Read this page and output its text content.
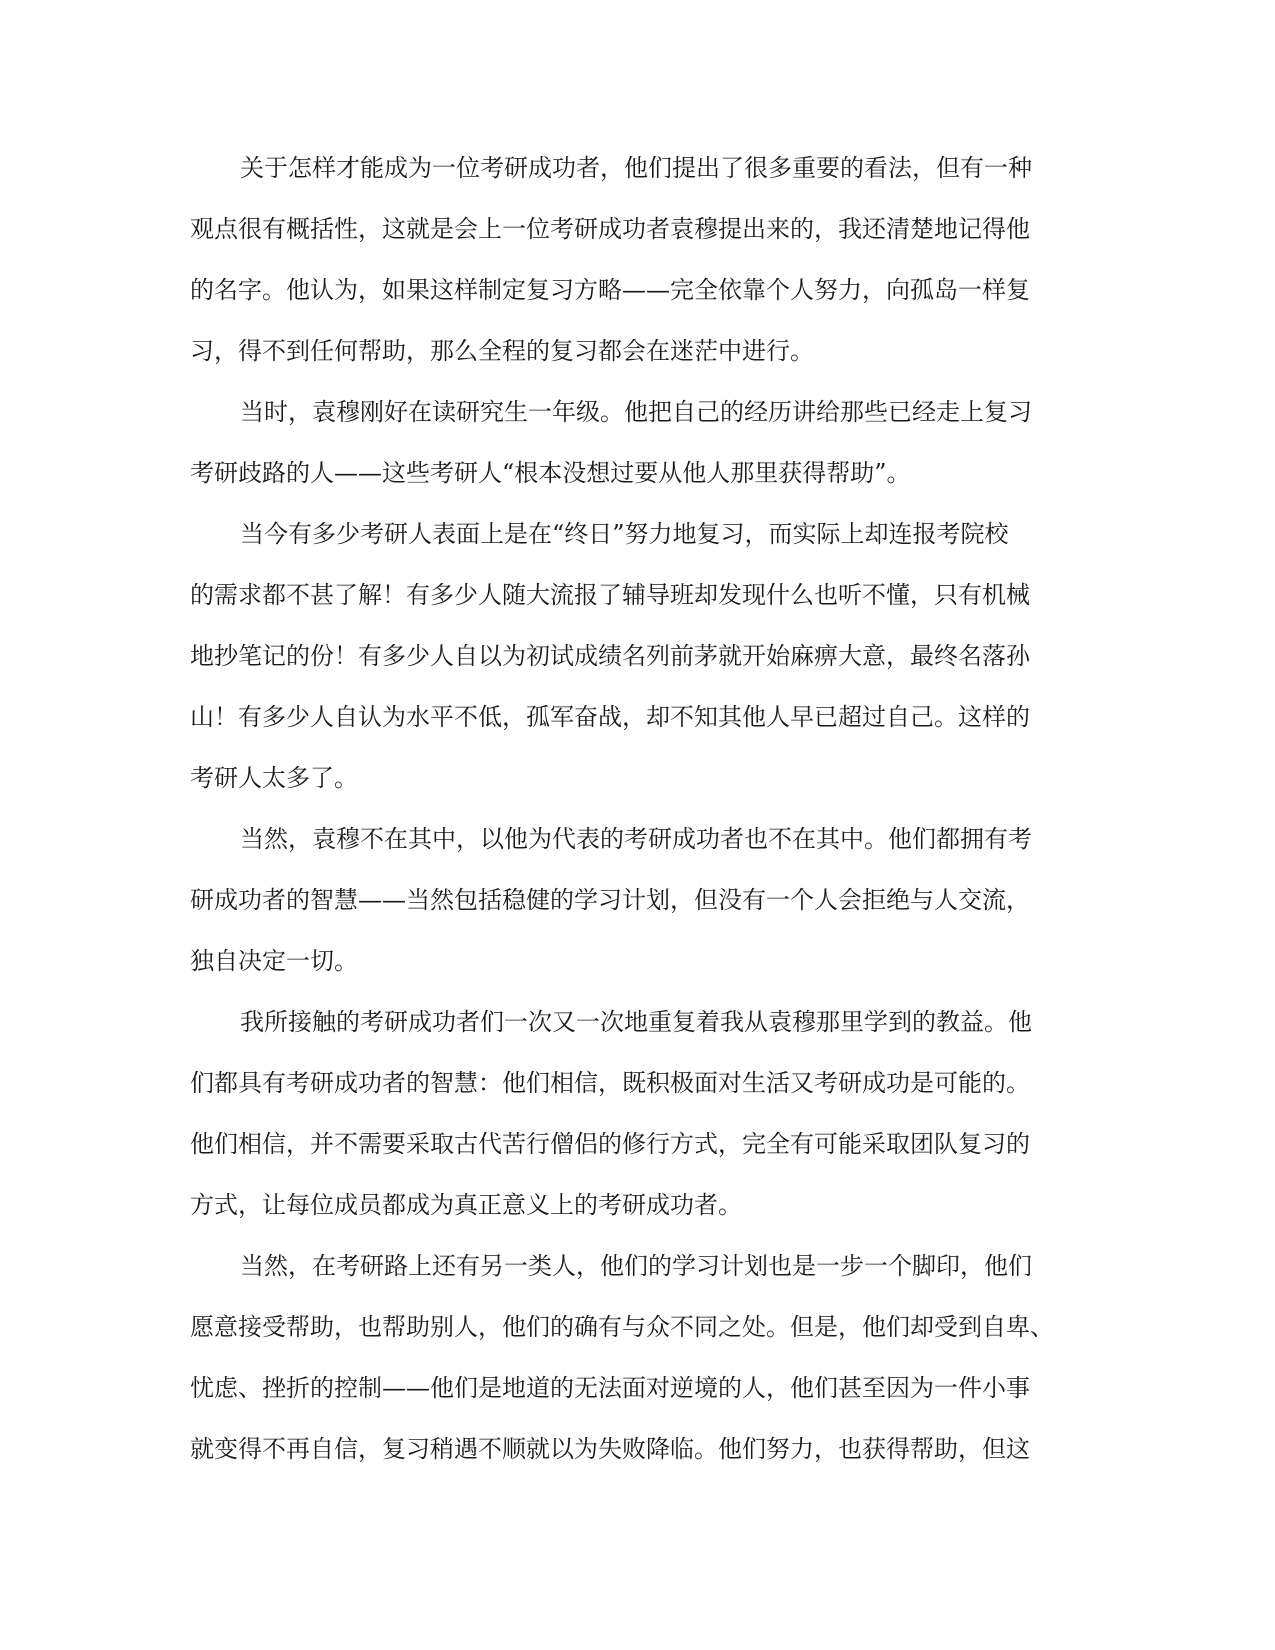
关于怎样才能成为一位考研成功者，他们提出了很多重要的看法，但有一种
观点很有概括性，这就是会上一位考研成功者袁穆提出来的，我还清楚地记得他
的名字。他认为，如果这样制定复习方略——完全依靠个人努力，向孤岛一样复
习，得不到任何帮助，那么全程的复习都会在迷茫中进行。
当时，袁穆刚好在读研究生一年级。他把自己的经历讲给那些已经走上复习
考研歧路的人——这些考研人“根本没想过要从他人那里获得帮助”。
当今有多少考研人表面上是在“终日”努力地复习，而实际上却连报考院校
的需求都不甚了解！有多少人随大流报了辅导班却发现什么也听不懂，只有机械
地抄笔记的份！有多少人自以为初试成绩名列前茅就开始麻痹大意，最终名落孙
山！有多少人自认为水平不低，孤军奋战，却不知其他人早已超过自己。这样的
考研人太多了。
当然，袁穆不在其中，以他为代表的考研成功者也不在其中。他们都拥有考
研成功者的智慧——当然包括稳健的学习计划，但没有一个人会拒绝与人交流，
独自决定一切。
我所接触的考研成功者们一次又一次地重复着我从袁穆那里学到的教益。他
们都具有考研成功者的智慧：他们相信，既积极面对生活又考研成功是可能的。
他们相信，并不需要采取古代苦行僧侣的修行方式，完全有可能采取团队复习的
方式，让每位成员都成为真正意义上的考研成功者。
当然，在考研路上还有另一类人，他们的学习计划也是一步一个脚印，他们
愿意接受帮助，也帮助别人，他们的确有与众不同之处。但是，他们却受到自卑、
忧虑、挫折的控制——他们是地道的无法面对逆境的人，他们甚至因为一件小事
就变得不再自信，复习稍遇不顺就以为失败降临。他们努力，也获得帮助，但这
